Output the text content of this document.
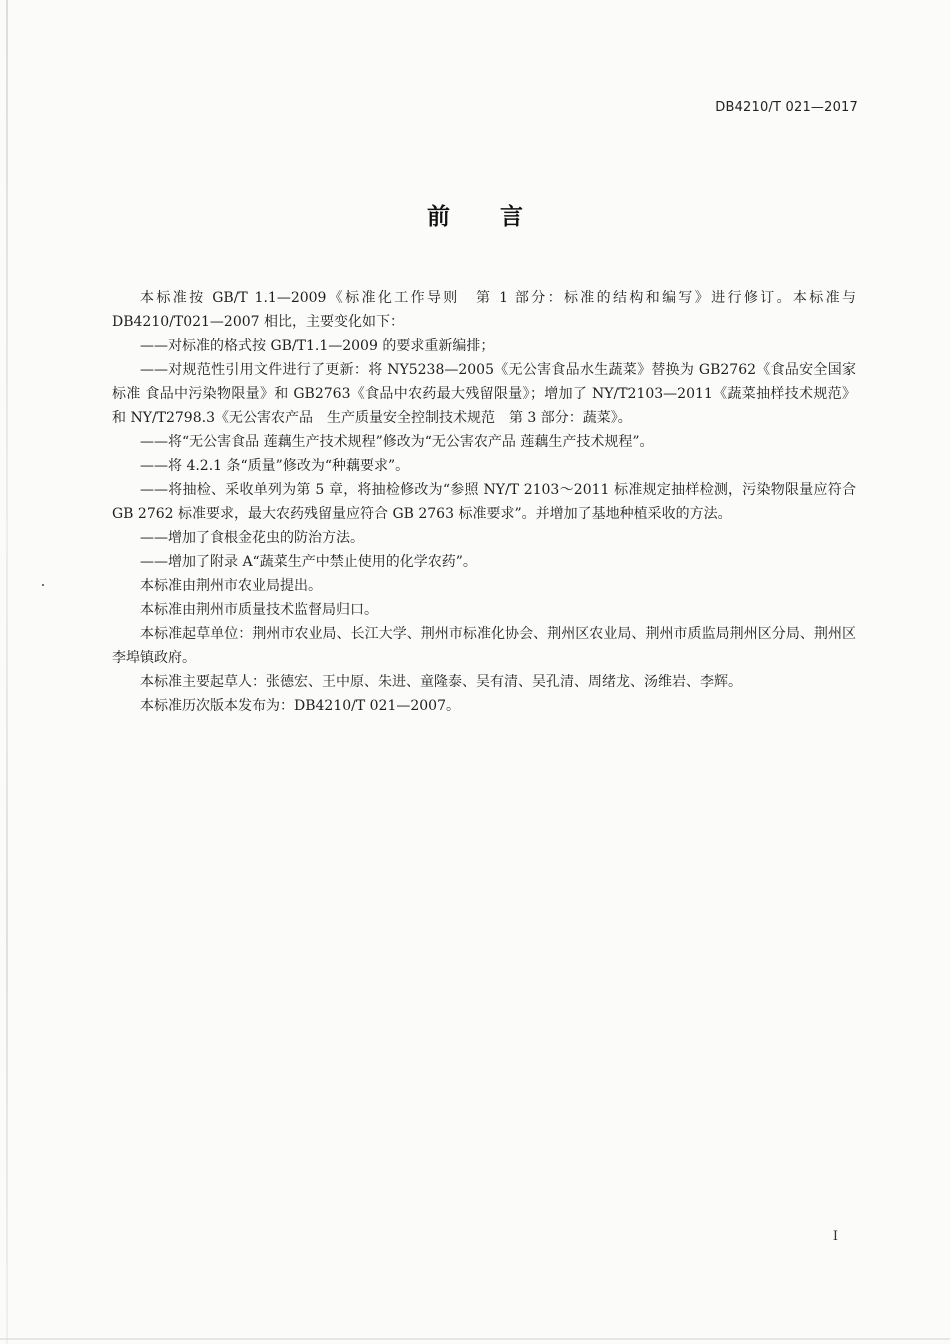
DB4210/T 021—2017
前言

本标准按 GB/T 1.1—2009《标准化工作导则　第 1 部分：标准的结构和编写》进行修订。本标准与 DB4210/T021—2007 相比，主要变化如下：

——对标准的格式按 GB/T1.1—2009 的要求重新编排；

——对规范性引用文件进行了更新：将 NY5238—2005《无公害食品水生蔬菜》替换为 GB2762《食品安全国家标准 食品中污染物限量》和 GB2763《食品中农药最大残留限量》；增加了 NY/T2103—2011《蔬菜抽样技术规范》和 NY/T2798.3《无公害农产品　生产质量安全控制技术规范　第 3 部分：蔬菜》。

——将“无公害食品 莲藕生产技术规程”修改为“无公害农产品 莲藕生产技术规程”。

——将 4.2.1 条“质量”修改为“种藕要求”。

——将抽检、采收单列为第 5 章，将抽检修改为“参照 NY/T 2103～2011 标准规定抽样检测，污染物限量应符合 GB 2762 标准要求，最大农药残留量应符合 GB 2763 标准要求”。并增加了基地种植采收的方法。

——增加了食根金花虫的防治方法。

——增加了附录 A“蔬菜生产中禁止使用的化学农药”。

本标准由荆州市农业局提出。

本标准由荆州市质量技术监督局归口。

本标准起草单位：荆州市农业局、长江大学、荆州市标准化协会、荆州区农业局、荆州市质监局荆州区分局、荆州区李埠镇政府。

本标准主要起草人：张德宏、王中原、朱进、童隆泰、吴有清、吴孔清、周绪龙、汤维岩、李辉。

本标准历次版本发布为：DB4210/T 021—2007。

I
